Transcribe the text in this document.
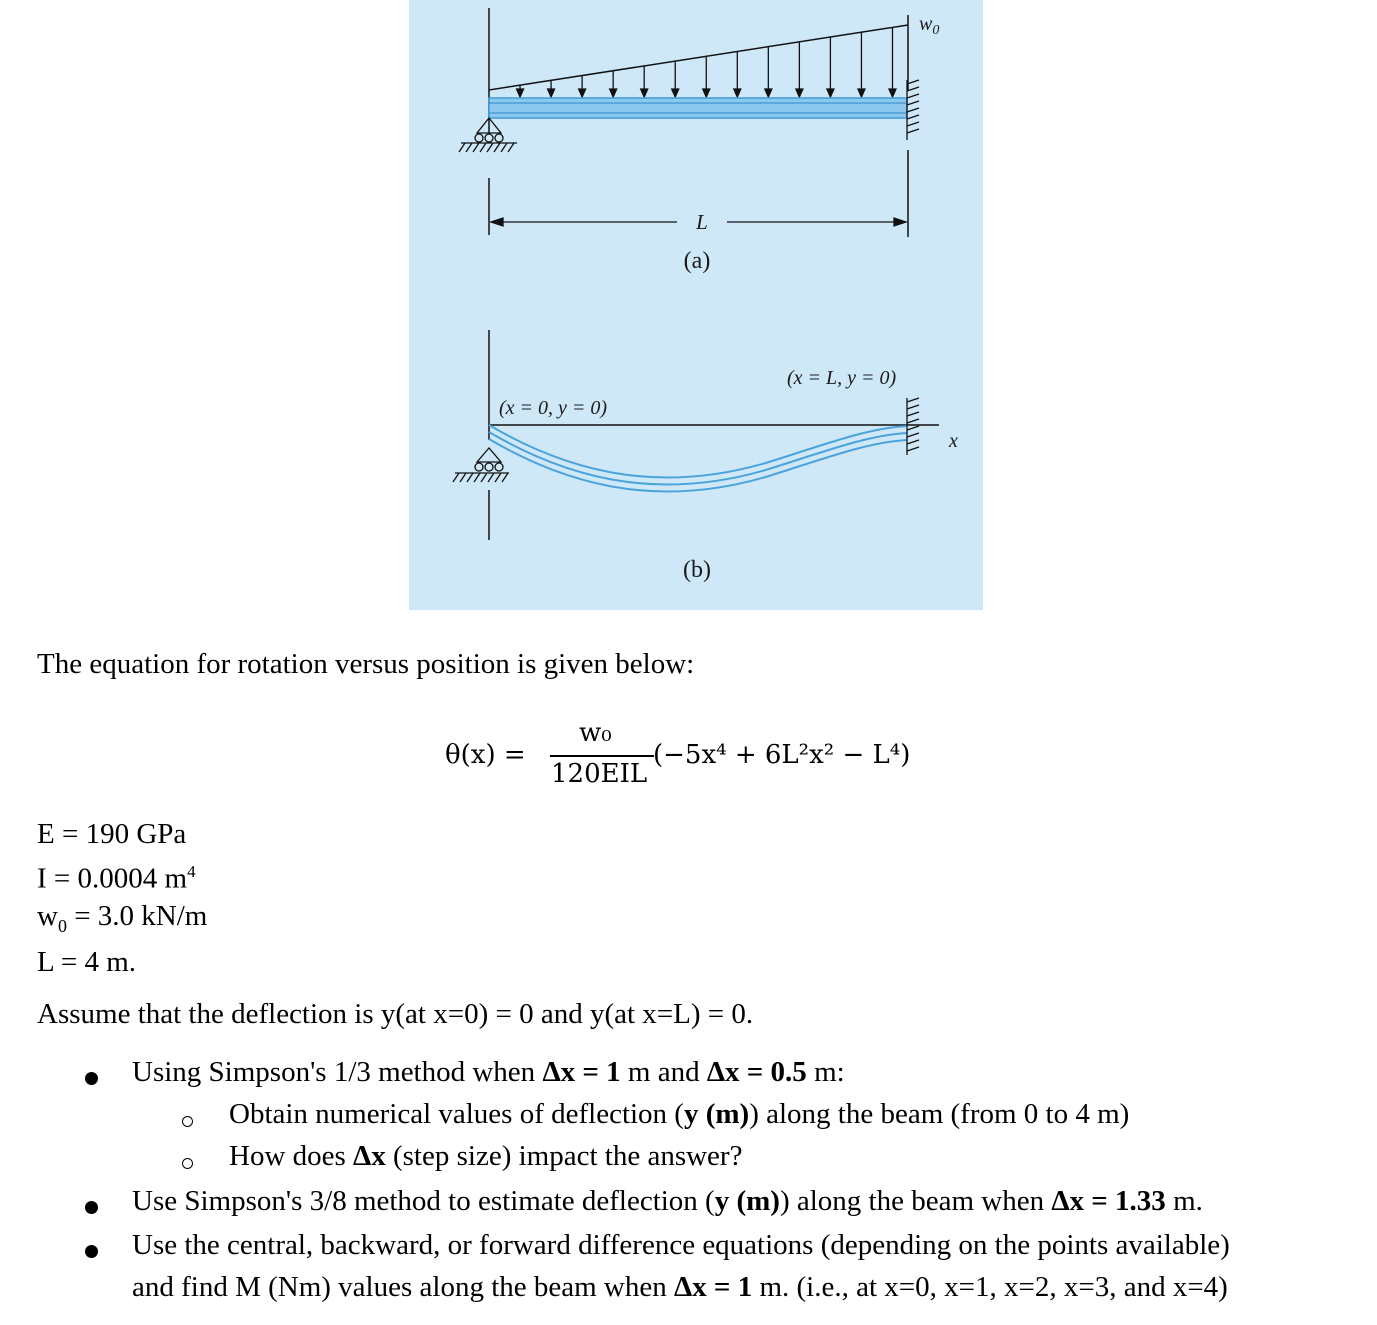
L
(a)
$w_0$
(x = 0, y = 0)
(x = L, y = 0)
x
(b)
The equation for rotation versus position is given below:
θ(x) =
w₀
120EIL
(−5x⁴ + 6L²x² − L⁴)
E = 190 GPa
I = 0.0004 $m^4$
$w_0 = 3.0$ kN/m
L = 4 m.
Assume that the deflection is y(at x=0) = 0 and y(at x=L) = 0.
Using Simpson's 1/3 method when Δx = 1 m and Δx = 0.5 m:
Obtain numerical values of deflection (y (m)) along the beam (from 0 to 4 m)
How does Δx (step size) impact the answer?
Use Simpson's 3/8 method to estimate deflection (y (m)) along the beam when Δx = 1.33 m.
Use the central, backward, or forward difference equations (depending on the points available)
and find M (Nm) values along the beam when Δx = 1 m. (i.e., at x=0, x=1, x=2, x=3, and x=4)
